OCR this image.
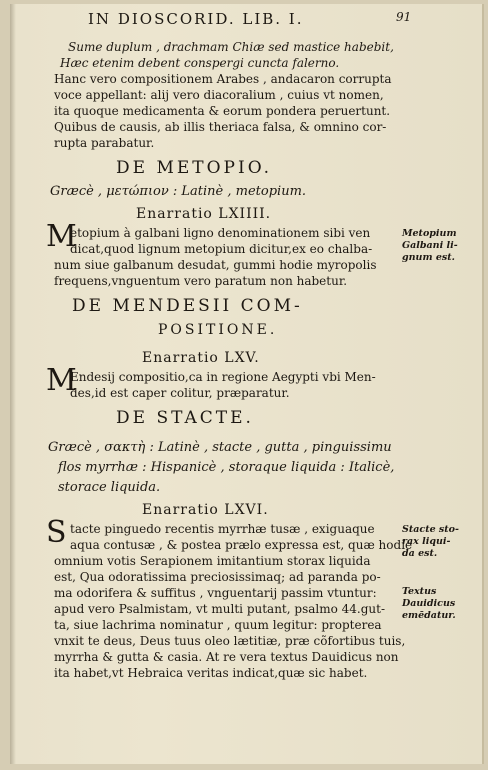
IN DIOSCORID. LIB. I.	91
Sume duplum , drachmam Chiæ sed mastice habebit,
Hæc etenim debent conspergi cuncta falerno.
Hanc vero compositionem Arabes , andacaron corrupta
voce appellant: alij vero diacoralium , cuius vt nomen,
ita quoque medicamenta & eorum pondera peruertunt.
Quibus de causis, ab illis theriaca falsa, & omnino cor-
rupta parabatur.
DE METOPIO.
Græcè , μετώπιον : Latinè , metopium.
Enarratio LXIIII.
M
etopium à galbani ligno denominationem sibi ven
dicat,quod lignum metopium dicitur,ex eo chalba-
num siue galbanum desudat, gummi hodie myropolis
frequens,vnguentum vero paratum non habetur.
Metopium
Galbani li-
gnum est.
DE MENDESII COM-
POSITIONE.
Enarratio LXV.
M
Endesij compositio,ca in regione Aegypti vbi Men-
des,id est caper colitur, præparatur.
DE STACTE.
Græcè , σακτὴ : Latinè , stacte , gutta , pinguissimu
flos myrrhæ : Hispanicè , storaque liquida : Italicè,
storace liquida.
Enarratio LXVI.
S tacte pinguedo recentis myrrhæ tusæ , exiguaque
aqua contusæ , & postea prælo expressa est, quæ hodie
omnium votis Serapionem imitantium storax liquida
est, Qua odoratissima preciosissimaq; ad paranda po-
ma odorifera & suffitus , vnguentarij passim vtuntur:
apud vero Psalmistam, vt multi putant, psalmo 44.gut-
ta, siue lachrima nominatur , quum legitur: propterea
vnxit te deus, Deus tuus oleo lætitiæ, præ cõfortibus tuis,
myrrha & gutta & casia. At re vera textus Dauidicus non
ita habet,vt Hebraica veritas indicat,quæ sic habet.
Stacte sto-
rax liqui-
da est.
Textus
Dauidicus
emēdatur.
